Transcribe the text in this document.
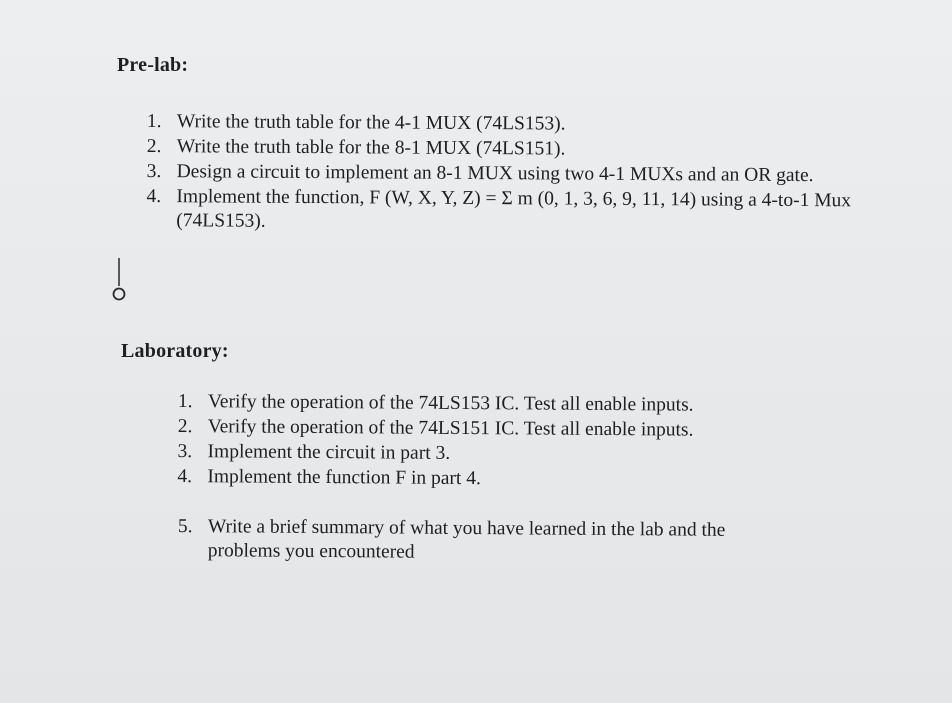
Pre-lab:
1. Write the truth table for the 4-1 MUX (74LS153).
2. Write the truth table for the 8-1 MUX (74LS151).
3. Design a circuit to implement an 8-1 MUX using two 4-1 MUXs and an OR gate.
4. Implement the function, F (W, X, Y, Z) = Σ m (0, 1, 3, 6, 9, 11, 14) using a 4-to-1 Mux (74LS153).
Laboratory:
1. Verify the operation of the 74LS153 IC. Test all enable inputs.
2. Verify the operation of the 74LS151 IC. Test all enable inputs.
3. Implement the circuit in part 3.
4. Implement the function F in part 4.
5. Write a brief summary of what you have learned in the lab and the problems you encountered
